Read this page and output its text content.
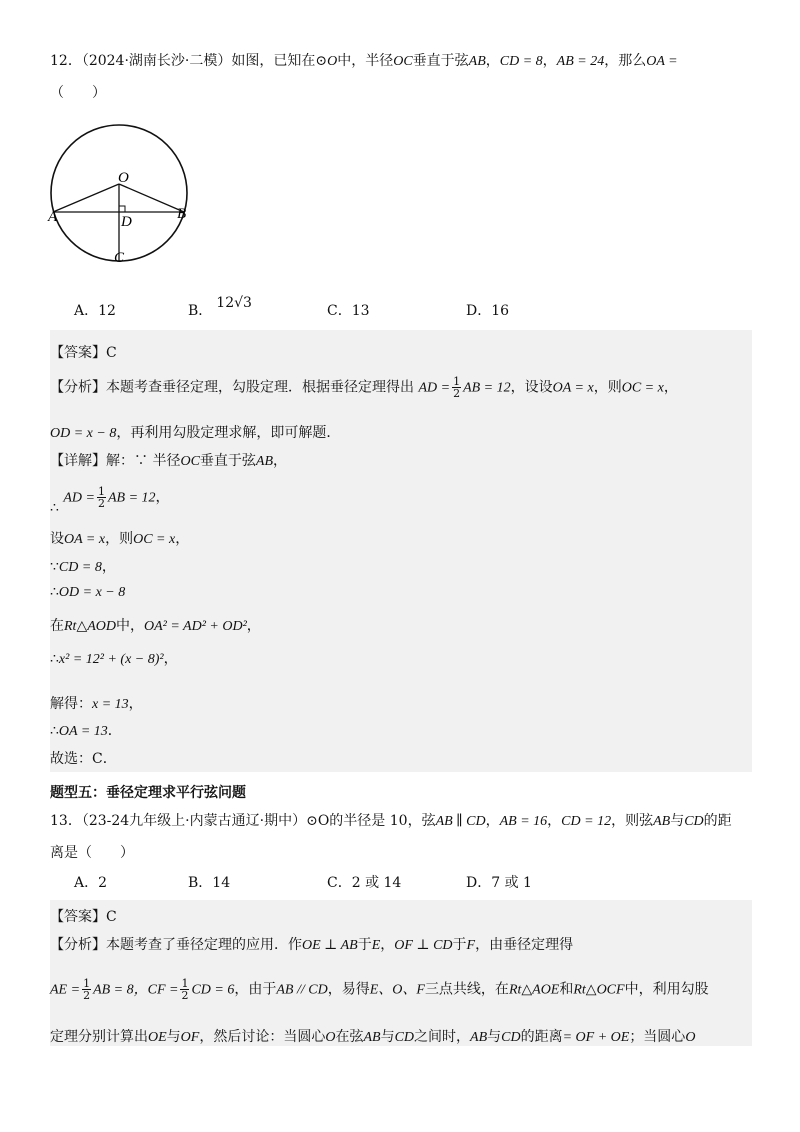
12．（2024·湖南长沙·二模）如图，已知在⊙O中，半径OC垂直于弦AB，CD = 8，AB = 24，那么OA =
（　　）
O
A	B
D
C
A．12	B． 12√3	C．13	D．16
【答案】C
【分析】本题考查垂径定理，勾股定理．根据垂径定理得出 AD = $\frac{1}{2}$ AB = 12，设设OA = x，则OC = x，
OD = x − 8，再利用勾股定理求解，即可解题．
【详解】解：∵ 半径OC垂直于弦AB，
∴ AD = $\frac{1}{2}$ AB = 12，
设OA = x，则OC = x，
∵CD = 8，
∴OD = x − 8
在Rt△AOD中，OA² = AD² + OD²，
∴x² = 12² + (x − 8)²，
解得：x = 13，
∴OA = 13．
故选：C．
题型五：垂径定理求平行弦问题
13．（23-24九年级上·内蒙古通辽·期中）⊙O的半径是 10，弦AB ∥ CD，AB = 16，CD = 12，则弦AB与CD的距
离是（　　）
A．2	B．14	C．2 或 14	D．7 或 1
【答案】C
【分析】本题考查了垂径定理的应用．作OE ⊥ AB于E，OF ⊥ CD于F，由垂径定理得
AE = $\frac{1}{2}$ AB = 8，CF = $\frac{1}{2}$ CD = 6，由于AB // CD，易得E、O、F三点共线，在Rt△AOE和Rt△OCF中，利用勾股
定理分别计算出OE与OF，然后讨论：当圆心O在弦AB与CD之间时，AB与CD的距离= OF + OE；当圆心O
